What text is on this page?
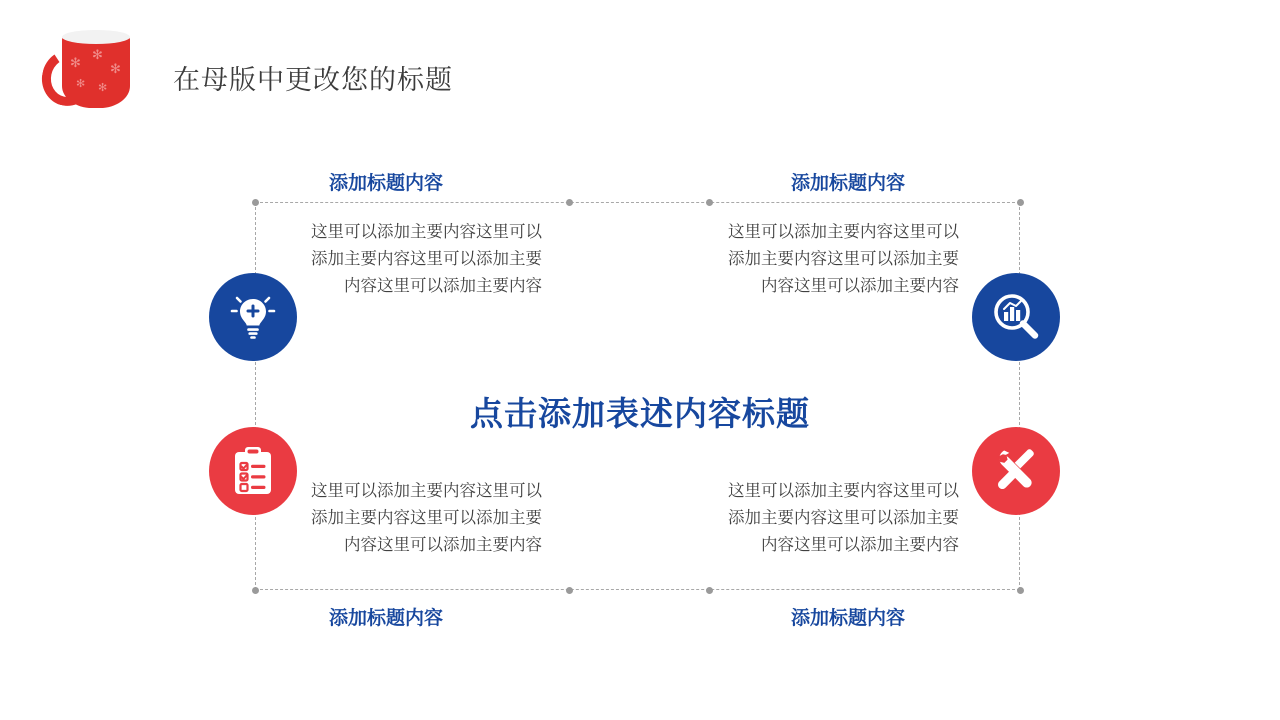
✻
✻
✻
✻ ✻ 在母版中更改您的标题
点击添加表述内容标题
添加标题内容	添加标题内容
添加标题内容	添加标题内容
这里可以添加主要内容这里可以添加主要内容这里可以添加主要内容这里可以添加主要内容
这里可以添加主要内容这里可以添加主要内容这里可以添加主要内容这里可以添加主要内容
这里可以添加主要内容这里可以添加主要内容这里可以添加主要内容这里可以添加主要内容
这里可以添加主要内容这里可以添加主要内容这里可以添加主要内容这里可以添加主要内容
